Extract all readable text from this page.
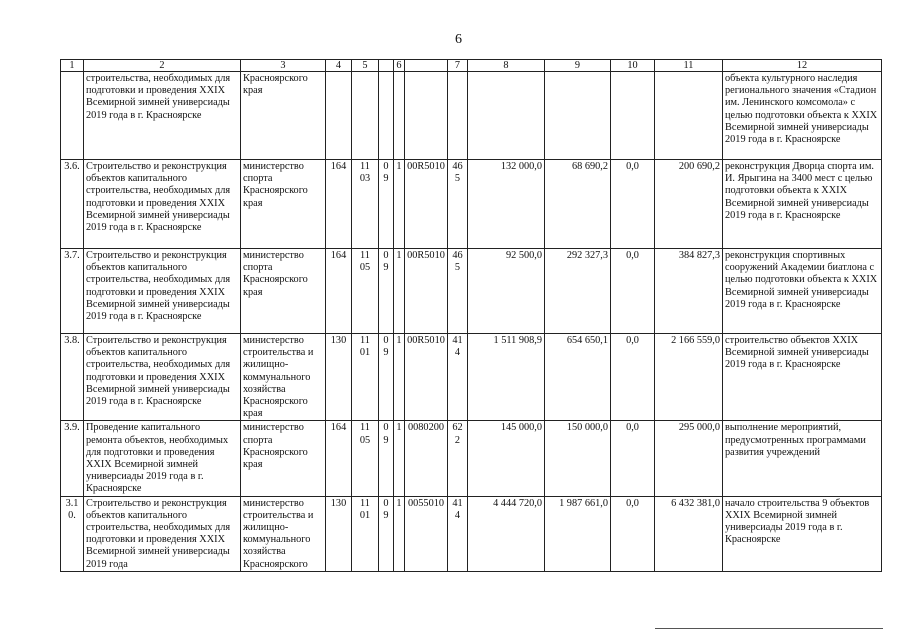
6
1	2	3	4	5		6		7	8	9	10	11	12
	строительства, необходимых для подготовки и проведения XXIX Всемирной зимней универсиады 2019 года в г. Красноярске	Красноярского края											объекта культурного наследия регионального значения «Стадион им. Ленинского комсомола» с целью подготовки объекта к XXIX Всемирной зимней универсиады 2019 года в г. Красноярске
3.6.	Строительство и реконструкция объектов капитального строительства, необходимых для подготовки и проведения XXIX Всемирной зимней универсиады 2019 года в г. Красноярске	министерство спорта Красноярского края	164	11 03	09	1	00R5010	465	132 000,0	68 690,2	0,0	200 690,2	реконструкция Дворца спорта им. И. Ярыгина на 3400 мест с целью подготовки объекта к XXIX Всемирной зимней универсиады 2019 года в г. Красноярске
3.7.	Строительство и реконструкция объектов капитального строительства, необходимых для подготовки и проведения XXIX Всемирной зимней универсиады 2019 года в г. Красноярске	министерство спорта Красноярского края	164	11 05	09	1	00R5010	465	92 500,0	292 327,3	0,0	384 827,3	реконструкция спортивных сооружений Академии биатлона с целью подготовки объекта к XXIX Всемирной зимней универсиады 2019 года в г. Красноярске
3.8.	Строительство и реконструкция объектов капитального строительства, необходимых для подготовки и проведения XXIX Всемирной зимней универсиады 2019 года в г. Красноярске	министерство строительства и жилищно-коммунального хозяйства Красноярского края	130	11 01	09	1	00R5010	414	1 511 908,9	654 650,1	0,0	2 166 559,0	строительство объектов XXIX Всемирной зимней универсиады 2019 года в г. Красноярске
3.9.	Проведение капитального ремонта объектов, необходимых для подготовки и проведения XXIX Всемирной зимней универсиады 2019 года в г. Красноярске	министерство спорта Красноярского края	164	11 05	09	1	0080200	622	145 000,0	150 000,0	0,0	295 000,0	выполнение мероприятий, предусмотренных программами развития учреждений
3.10.	Строительство и реконструкция объектов капитального строительства, необходимых для подготовки и проведения XXIX Всемирной зимней универсиады 2019 года	министерство строительства и жилищно-коммунального хозяйства Красноярского	130	11 01	09	1	0055010	414	4 444 720,0	1 987 661,0	0,0	6 432 381,0	начало строительства 9 объектов XXIX Всемирной зимней универсиады 2019 года в г. Красноярске
